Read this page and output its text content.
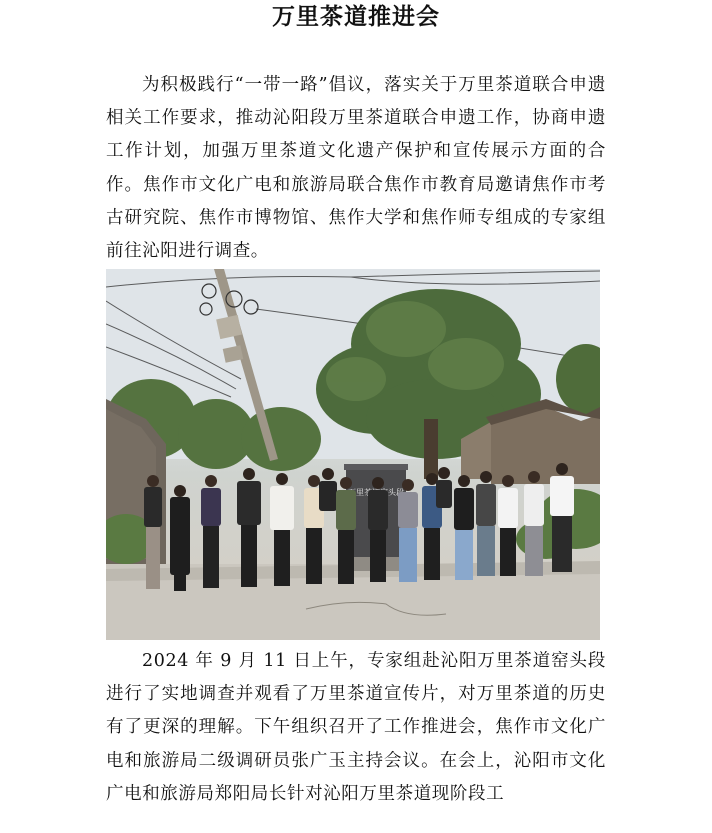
万里茶道推进会

为积极践行“一带一路”倡议，落实关于万里茶道联合申遗相关工作要求，推动沁阳段万里茶道联合申遗工作，协商申遗工作计划，加强万里茶道文化遗产保护和宣传展示方面的合作。焦作市文化广电和旅游局联合焦作市教育局邀请焦作市考古研究院、焦作市博物馆、焦作大学和焦作师专组成的专家组前往沁阳进行调查。

2024 年 9 月 11 日上午，专家组赴沁阳万里茶道窑头段进行了实地调查并观看了万里茶道宣传片，对万里茶道的历史有了更深的理解。下午组织召开了工作推进会，焦作市文化广电和旅游局二级调研员张广玉主持会议。在会上，沁阳市文化广电和旅游局郑阳局长针对沁阳万里茶道现阶段工
